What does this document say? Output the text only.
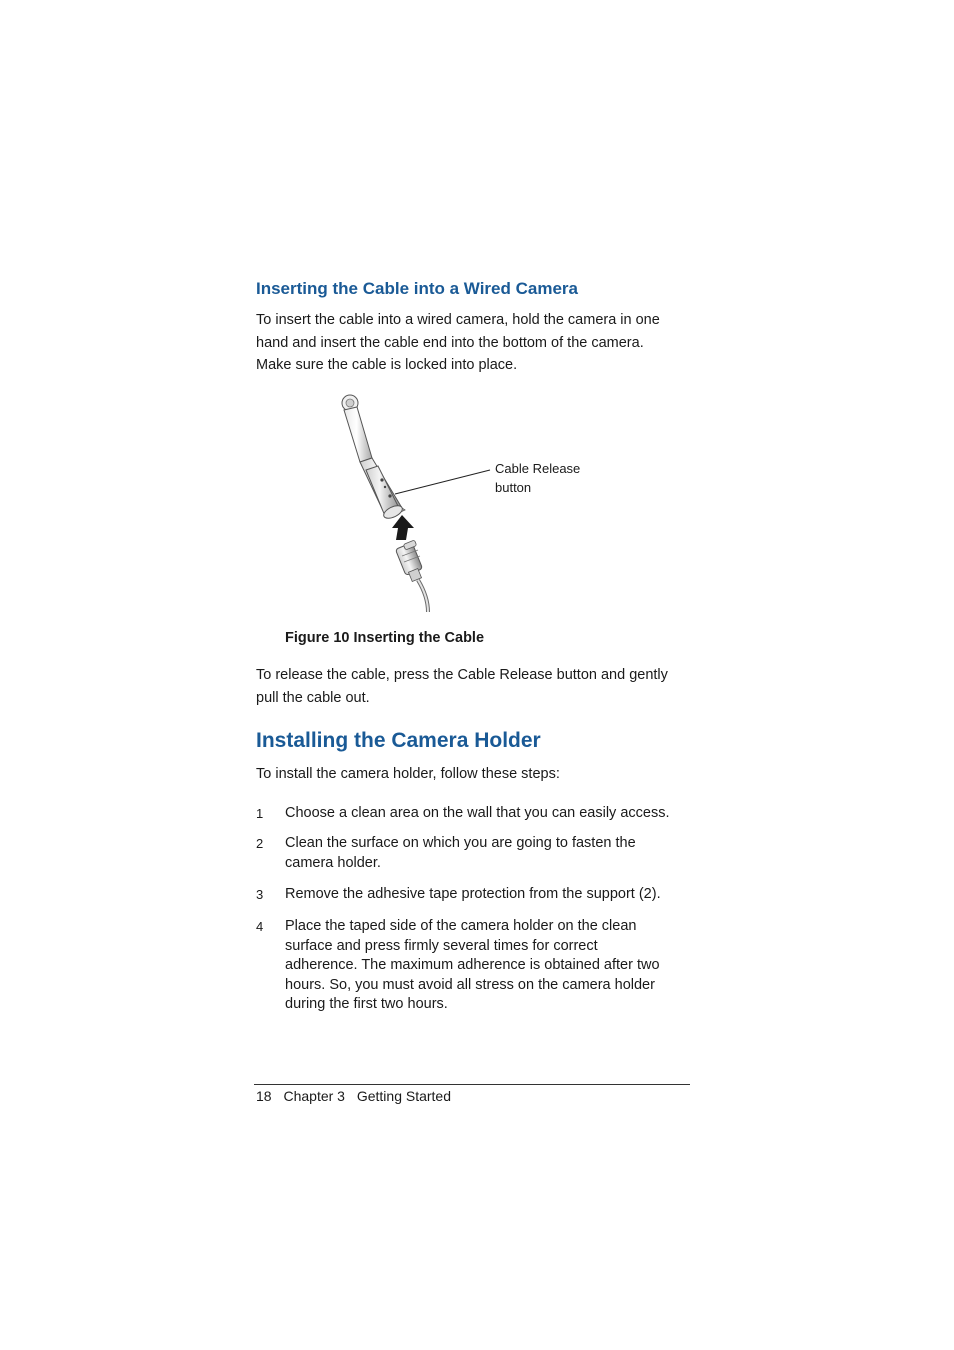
Inserting the Cable into a Wired Camera

To insert the cable into a wired camera, hold the camera in one
hand and insert the cable end into the bottom of the camera.
Make sure the cable is locked into place.

Cable Release
button

Figure 10 Inserting the Cable

To release the cable, press the Cable Release button and gently
pull the cable out.

Installing the Camera Holder

To install the camera holder, follow these steps:

1 Choose a clean area on the wall that you can easily access.
2 Clean the surface on which you are going to fasten the
camera holder.
3 Remove the adhesive tape protection from the support (2).
4 Place the taped side of the camera holder on the clean
surface and press firmly several times for correct
adherence. The maximum adherence is obtained after two
hours. So, you must avoid all stress on the camera holder
during the first two hours.
18 Chapter 3 Getting Started
